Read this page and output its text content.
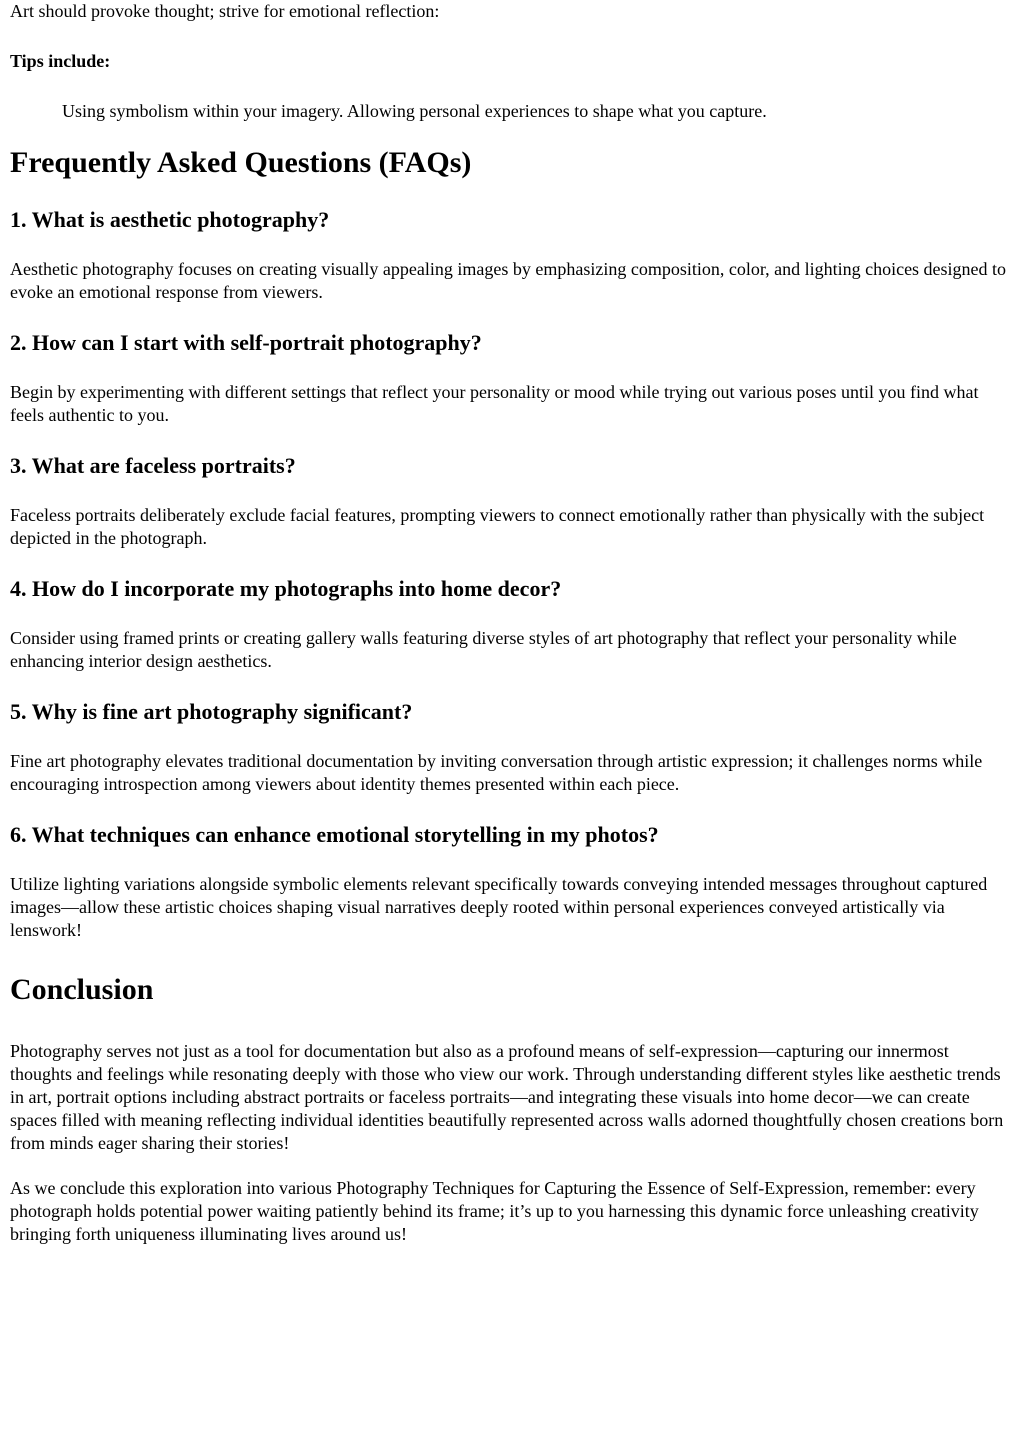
Art should provoke thought; strive for emotional reflection:

Tips include:

Using symbolism within your imagery. Allowing personal experiences to shape what you capture.

Frequently Asked Questions (FAQs)
1. What is aesthetic photography?

Aesthetic photography focuses on creating visually appealing images by emphasizing composition, color, and lighting choices designed to evoke an emotional response from viewers.

2. How can I start with self-portrait photography?

Begin by experimenting with different settings that reflect your personality or mood while trying out various poses until you find what feels authentic to you.

3. What are faceless portraits?

Faceless portraits deliberately exclude facial features, prompting viewers to connect emotionally rather than physically with the subject depicted in the photograph.

4. How do I incorporate my photographs into home decor?

Consider using framed prints or creating gallery walls featuring diverse styles of art photography that reflect your personality while enhancing interior design aesthetics.

5. Why is fine art photography significant?

Fine art photography elevates traditional documentation by inviting conversation through artistic expression; it challenges norms while encouraging introspection among viewers about identity themes presented within each piece.

6. What techniques can enhance emotional storytelling in my photos?

Utilize lighting variations alongside symbolic elements relevant specifically towards conveying intended messages throughout captured images—allow these artistic choices shaping visual narratives deeply rooted within personal experiences conveyed artistically via lenswork!

Conclusion

Photography serves not just as a tool for documentation but also as a profound means of self-expression—capturing our innermost thoughts and feelings while resonating deeply with those who view our work. Through understanding different styles like aesthetic trends in art, portrait options including abstract portraits or faceless portraits—and integrating these visuals into home decor—we can create spaces filled with meaning reflecting individual identities beautifully represented across walls adorned thoughtfully chosen creations born from minds eager sharing their stories!

As we conclude this exploration into various Photography Techniques for Capturing the Essence of Self-Expression, remember: every photograph holds potential power waiting patiently behind its frame; it’s up to you harnessing this dynamic force unleashing creativity bringing forth uniqueness illuminating lives around us!
